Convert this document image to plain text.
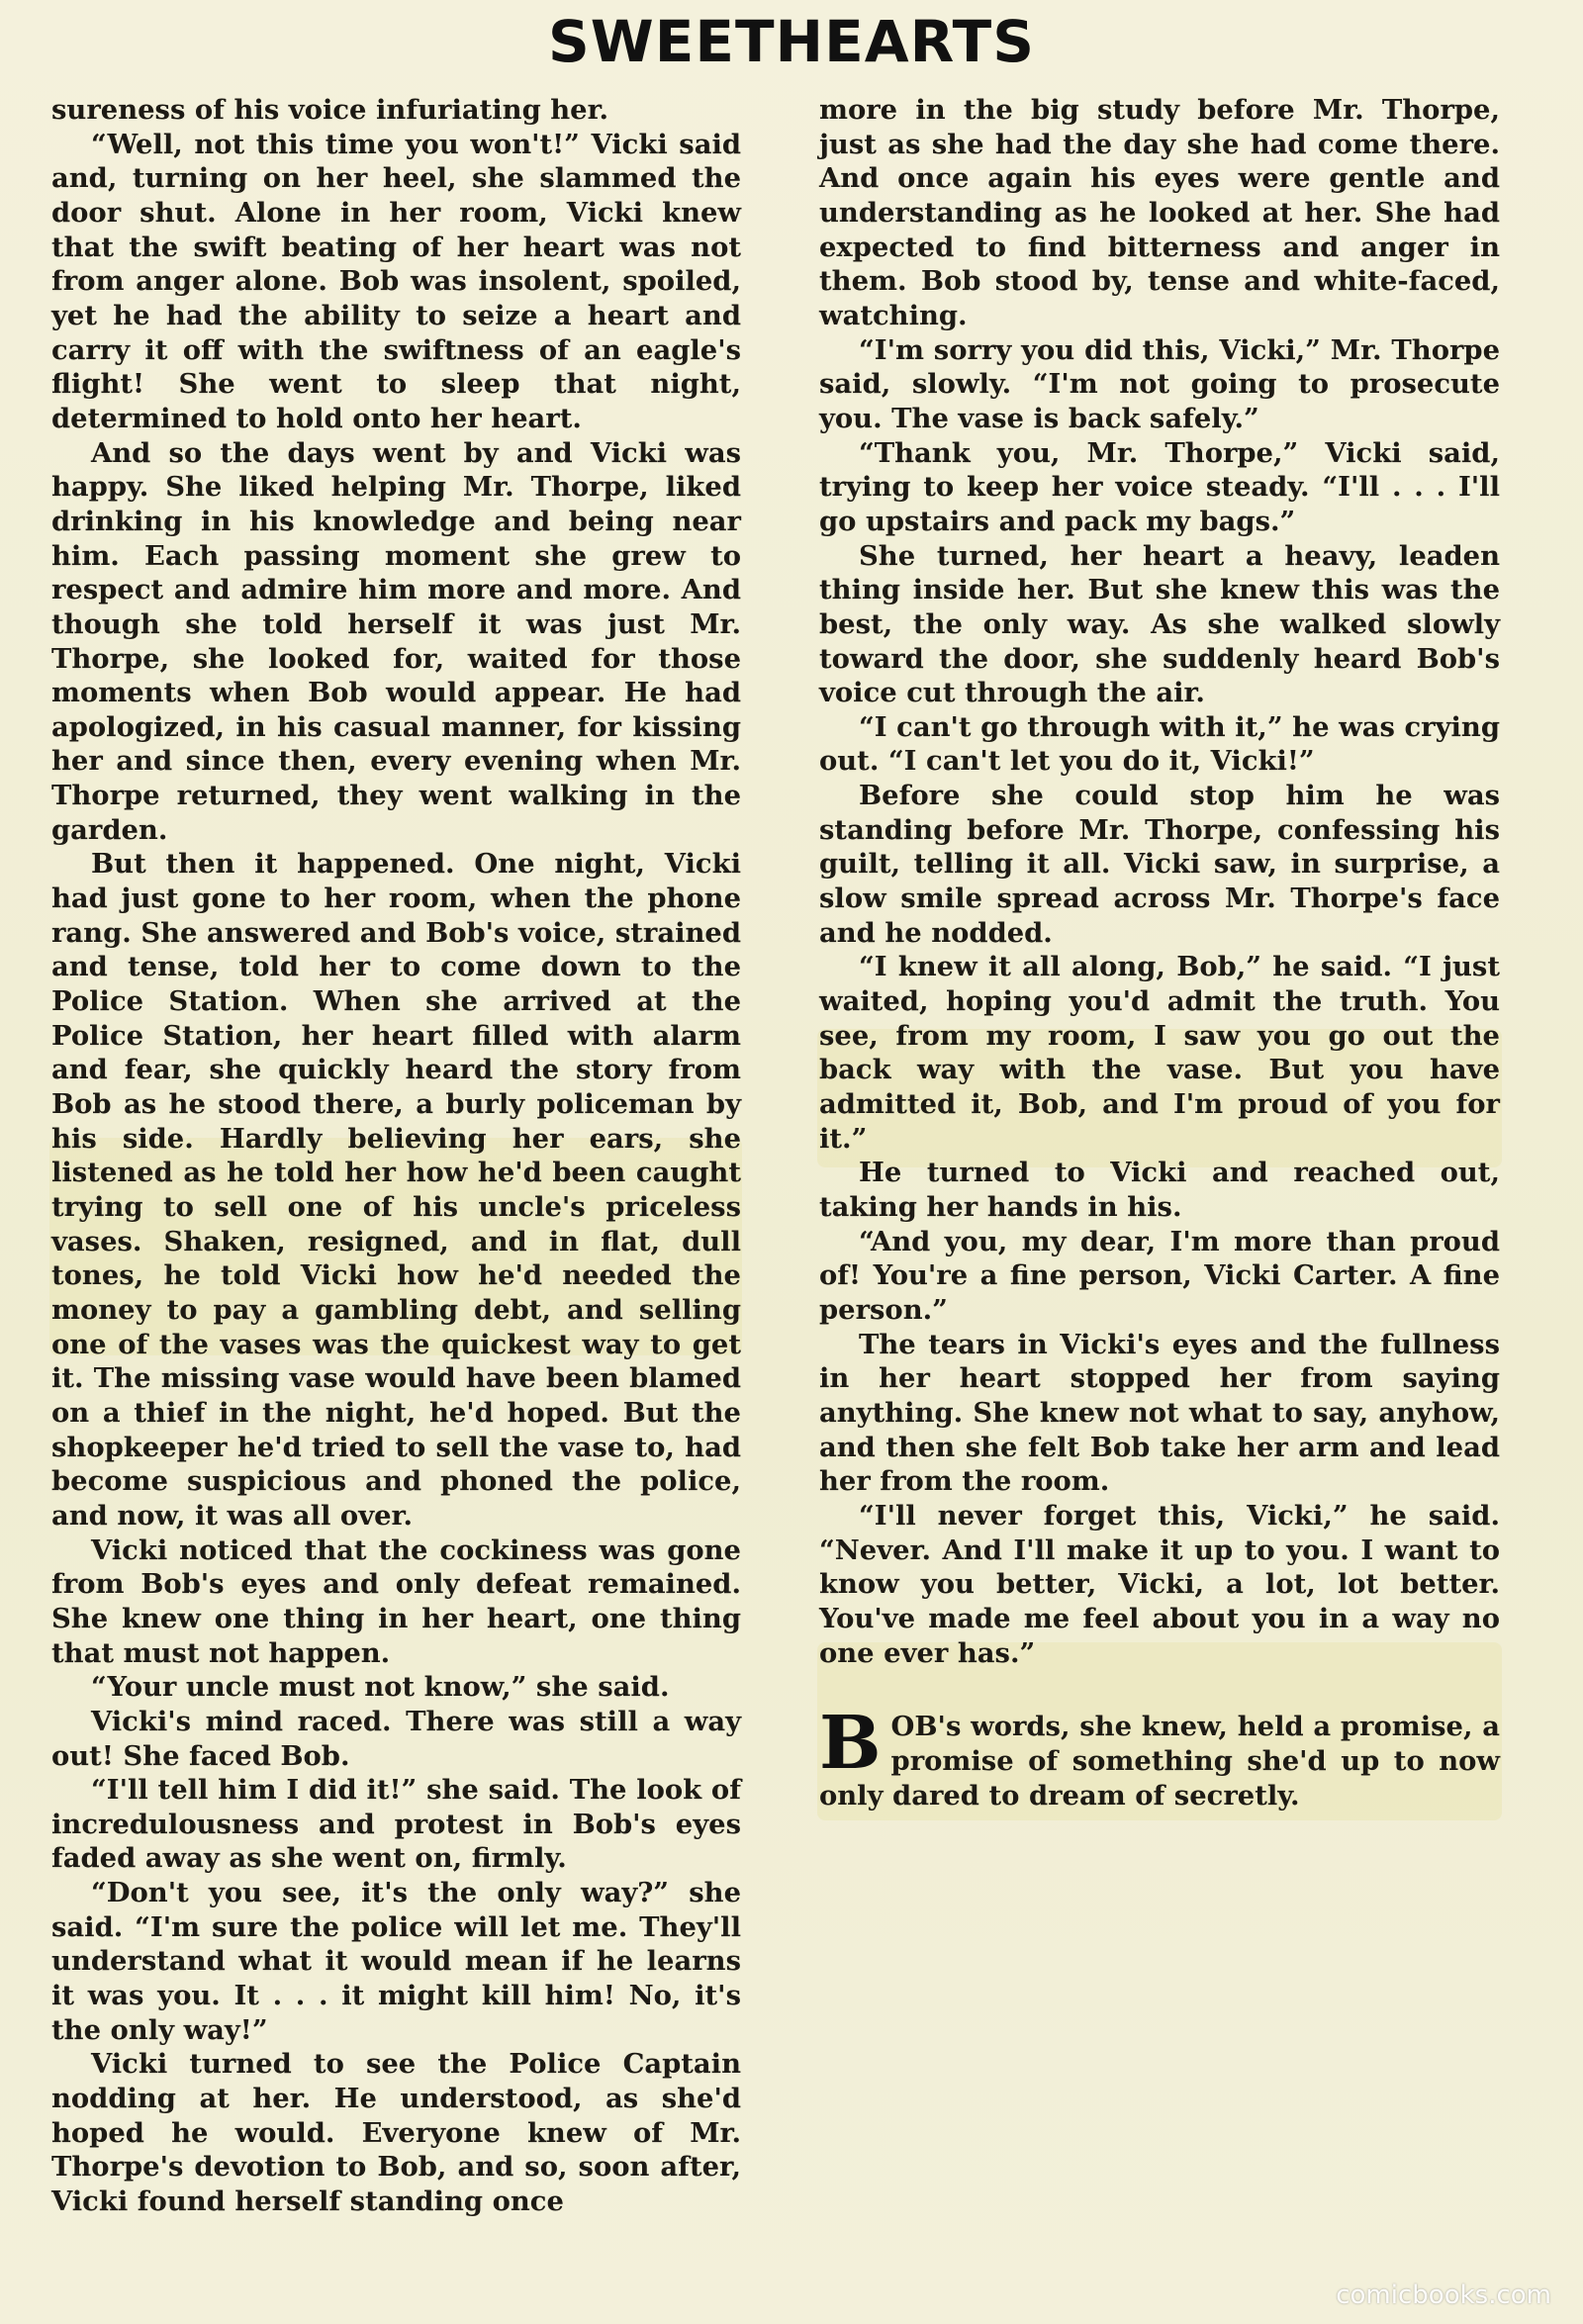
SWEETHEARTS

sureness of his voice infuriating her.

“Well, not this time you won't!” Vicki said and, turning on her heel, she slammed the door shut. Alone in her room, Vicki knew that the swift beating of her heart was not from anger alone. Bob was insolent, spoiled, yet he had the ability to seize a heart and carry it off with the swiftness of an eagle's flight! She went to sleep that night, determined to hold onto her heart.

And so the days went by and Vicki was happy. She liked helping Mr. Thorpe, liked drinking in his knowledge and being near him. Each passing moment she grew to respect and admire him more and more. And though she told herself it was just Mr. Thorpe, she looked for, waited for those moments when Bob would appear. He had apologized, in his casual manner, for kissing her and since then, every evening when Mr. Thorpe returned, they went walking in the garden.

But then it happened. One night, Vicki had just gone to her room, when the phone rang. She answered and Bob's voice, strained and tense, told her to come down to the Police Station. When she arrived at the Police Station, her heart filled with alarm and fear, she quickly heard the story from Bob as he stood there, a burly policeman by his side. Hardly believing her ears, she listened as he told her how he'd been caught trying to sell one of his uncle's priceless vases. Shaken, resigned, and in flat, dull tones, he told Vicki how he'd needed the money to pay a gambling debt, and selling one of the vases was the quickest way to get it. The missing vase would have been blamed on a thief in the night, he'd hoped. But the shopkeeper he'd tried to sell the vase to, had become suspicious and phoned the police, and now, it was all over.

Vicki noticed that the cockiness was gone from Bob's eyes and only defeat remained. She knew one thing in her heart, one thing that must not happen.

“Your uncle must not know,” she said.

Vicki's mind raced. There was still a way out! She faced Bob.

“I'll tell him I did it!” she said. The look of incredulousness and protest in Bob's eyes faded away as she went on, firmly.

“Don't you see, it's the only way?” she said. “I'm sure the police will let me. They'll understand what it would mean if he learns it was you. It . . . it might kill him! No, it's the only way!”

Vicki turned to see the Police Captain nodding at her. He understood, as she'd hoped he would. Everyone knew of Mr. Thorpe's devotion to Bob, and so, soon after, Vicki found herself standing once

more in the big study before Mr. Thorpe, just as she had the day she had come there. And once again his eyes were gentle and understanding as he looked at her. She had expected to find bitterness and anger in them. Bob stood by, tense and white-faced, watching.

“I'm sorry you did this, Vicki,” Mr. Thorpe said, slowly. “I'm not going to prosecute you. The vase is back safely.”

“Thank you, Mr. Thorpe,” Vicki said, trying to keep her voice steady. “I'll . . . I'll go upstairs and pack my bags.”

She turned, her heart a heavy, leaden thing inside her. But she knew this was the best, the only way. As she walked slowly toward the door, she suddenly heard Bob's voice cut through the air.

“I can't go through with it,” he was crying out. “I can't let you do it, Vicki!”

Before she could stop him he was standing before Mr. Thorpe, confessing his guilt, telling it all. Vicki saw, in surprise, a slow smile spread across Mr. Thorpe's face and he nodded.

“I knew it all along, Bob,” he said. “I just waited, hoping you'd admit the truth. You see, from my room, I saw you go out the back way with the vase. But you have admitted it, Bob, and I'm proud of you for it.”

He turned to Vicki and reached out, taking her hands in his.

“And you, my dear, I'm more than proud of! You're a fine person, Vicki Carter. A fine person.”

The tears in Vicki's eyes and the fullness in her heart stopped her from saying anything. She knew not what to say, anyhow, and then she felt Bob take her arm and lead her from the room.

“I'll never forget this, Vicki,” he said. “Never. And I'll make it up to you. I want to know you better, Vicki, a lot, lot better. You've made me feel about you in a way no one ever has.”

BOB's words, she knew, held a promise, a promise of something she'd up to now only dared to dream of secretly.

comicbooks.com
